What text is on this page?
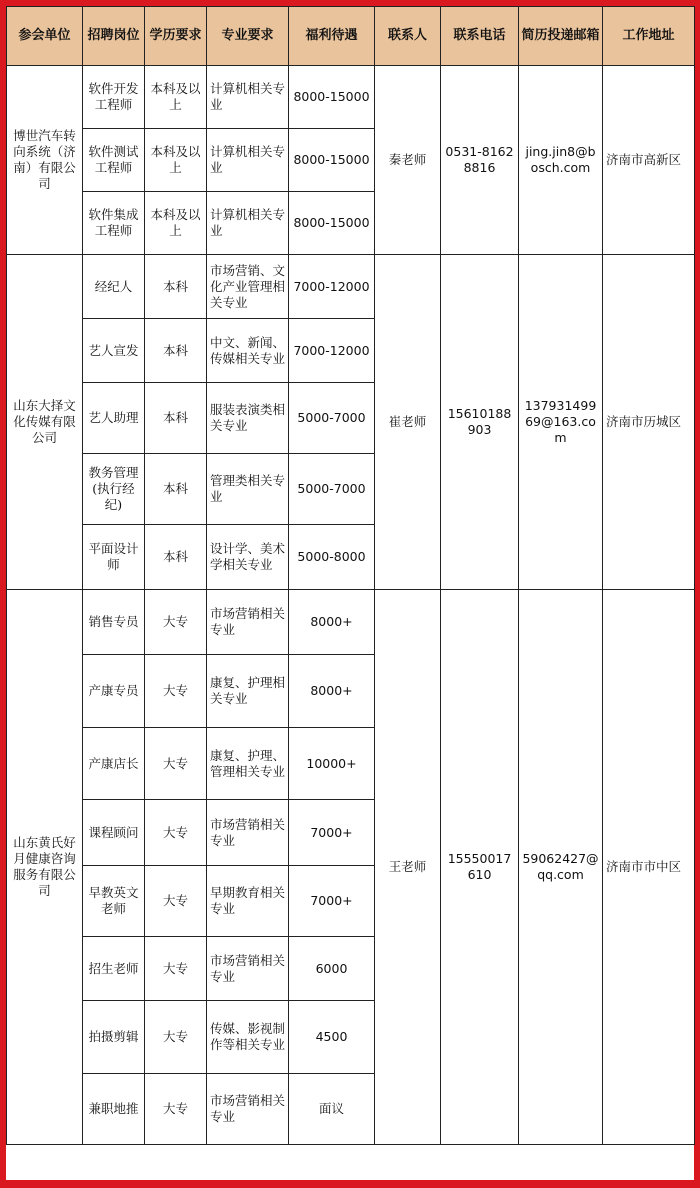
参会单位	招聘岗位	学历要求	专业要求	福利待遇	联系人	联系电话	简历投递邮箱	工作地址
博世汽车转向系统（济南）有限公司	软件开发工程师	本科及以上	计算机相关专业	8000-15000	秦老师	0531-81628816	jing.jin8@bosch.com	济南市高新区
	软件测试工程师	本科及以上	计算机相关专业	8000-15000				
	软件集成工程师	本科及以上	计算机相关专业	8000-15000				
山东大择文化传媒有限公司	经纪人	本科	市场营销、文化产业管理相关专业	7000-12000	崔老师	15610188903	13793149969@163.com	济南市历城区
	艺人宣发	本科	中文、新闻、传媒相关专业	7000-12000				
	艺人助理	本科	服装表演类相关专业	5000-7000				
	教务管理(执行经纪)	本科	管理类相关专业	5000-7000				
	平面设计师	本科	设计学、美术学相关专业	5000-8000				
山东黄氏好月健康咨询服务有限公司	销售专员	大专	市场营销相关专业	8000+	王老师	15550017610	59062427@qq.com	济南市市中区
	产康专员	大专	康复、护理相关专业	8000+				
	产康店长	大专	康复、护理、管理相关专业	10000+				
	课程顾问	大专	市场营销相关专业	7000+				
	早教英文老师	大专	早期教育相关专业	7000+				
	招生老师	大专	市场营销相关专业	6000				
	拍摄剪辑	大专	传媒、影视制作等相关专业	4500				
	兼职地推	大专	市场营销相关专业	面议				
